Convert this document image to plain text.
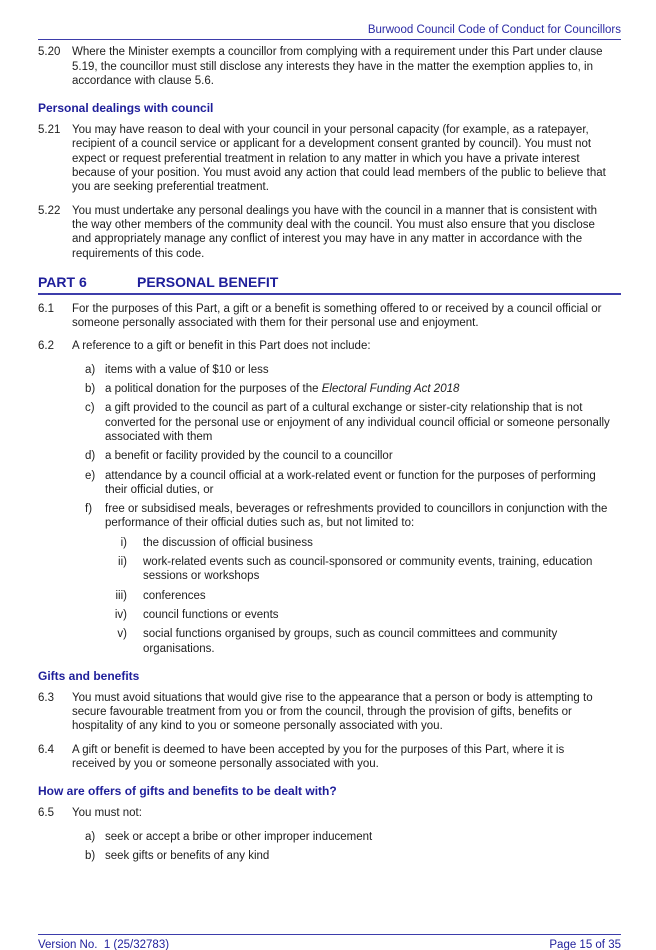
Burwood Council Code of Conduct for Councillors
5.20	Where the Minister exempts a councillor from complying with a requirement under this Part under clause 5.19, the councillor must still disclose any interests they have in the matter the exemption applies to, in accordance with clause 5.6.
Personal dealings with council
5.21	You may have reason to deal with your council in your personal capacity (for example, as a ratepayer, recipient of a council service or applicant for a development consent granted by council). You must not expect or request preferential treatment in relation to any matter in which you have a private interest because of your position. You must avoid any action that could lead members of the public to believe that you are seeking preferential treatment.
5.22	You must undertake any personal dealings you have with the council in a manner that is consistent with the way other members of the community deal with the council. You must also ensure that you disclose and appropriately manage any conflict of interest you may have in any matter in accordance with the requirements of this code.
PART 6	PERSONAL BENEFIT
6.1	For the purposes of this Part, a gift or a benefit is something offered to or received by a council official or someone personally associated with them for their personal use and enjoyment.
6.2	A reference to a gift or benefit in this Part does not include:
a) items with a value of $10 or less
b) a political donation for the purposes of the Electoral Funding Act 2018
c) a gift provided to the council as part of a cultural exchange or sister-city relationship that is not converted for the personal use or enjoyment of any individual council official or someone personally associated with them
d) a benefit or facility provided by the council to a councillor
e) attendance by a council official at a work-related event or function for the purposes of performing their official duties, or
f)	free or subsidised meals, beverages or refreshments provided to councillors in conjunction with the performance of their official duties such as, but not limited to:
i)	the discussion of official business
ii)	work-related events such as council-sponsored or community events, training, education sessions or workshops
iii)	conferences
iv)	council functions or events
v)	social functions organised by groups, such as council committees and community organisations.
Gifts and benefits
6.3	You must avoid situations that would give rise to the appearance that a person or body is attempting to secure favourable treatment from you or from the council, through the provision of gifts, benefits or hospitality of any kind to you or someone personally associated with you.
6.4	A gift or benefit is deemed to have been accepted by you for the purposes of this Part, where it is received by you or someone personally associated with you.
How are offers of gifts and benefits to be dealt with?
6.5	You must not:
a) seek or accept a bribe or other improper inducement
b) seek gifts or benefits of any kind
Version No.  1 (25/32783)	Page 15 of 35
